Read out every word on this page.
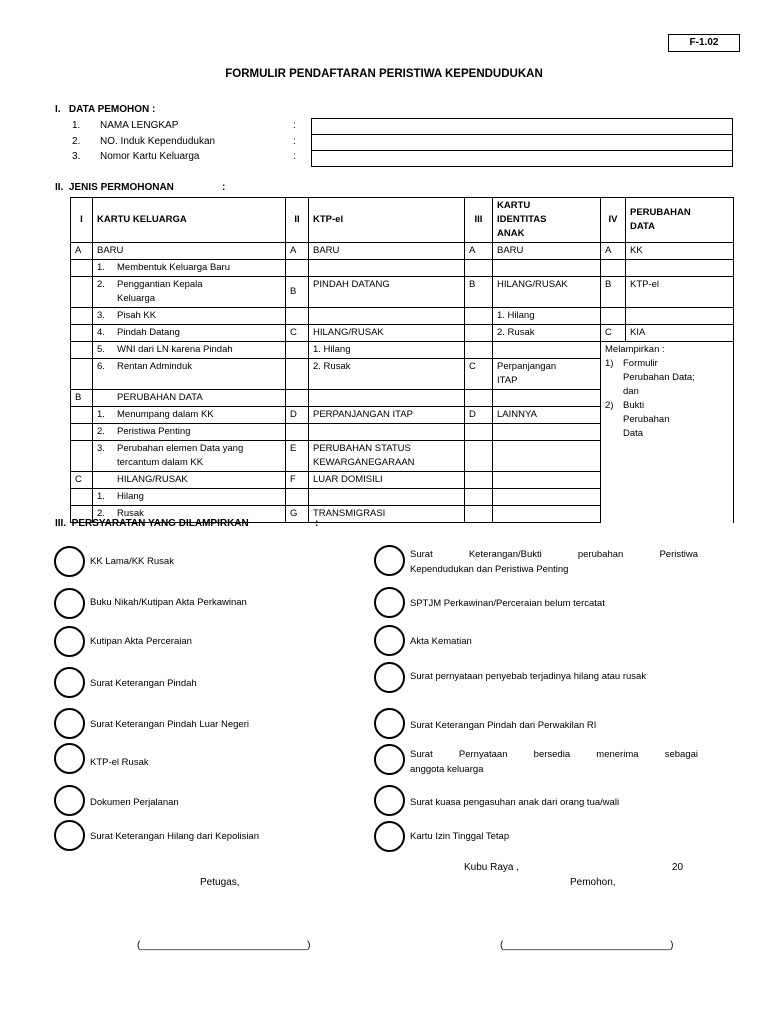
F-1.02
FORMULIR PENDAFTARAN PERISTIWA KEPENDUDUKAN
I.   DATA PEMOHON :
1. NAMA LENGKAP	:
2. NO. Induk Kependudukan	:
3. Nomor Kartu Keluarga	:
II.  JENIS PERMOHONAN	:
I	KARTU KELUARGA	II	KTP-el	III	KARTU IDENTITAS ANAK	IV	PERUBAHAN DATA	
A	BARU	A	BARU	A	BARU	A	KK	
	1. Membentuk Keluarga Baru							

	2. Penggantian Kepala Keluarga	B	PINDAH DATANG	B	HILANG/RUSAK	B	KTP-el	
	3. Pisah KK				1. Hilang			
	4. Pindah Datang	C	HILANG/RUSAK		2. Rusak	C	KIA	
	5. WNI dari LN karena Pindah		1. Hilang			Melampirkan :
1) Formulir Perubahan Data; dan
2) Bukti Perubahan Data		

	6. Rentan Adminduk		2. Rusak	C	Perpanjangan ITAP			
B	PERUBAHAN DATA							
	1. Menumpang dalam KK	D	PERPANJANGAN ITAP	D	LAINNYA			
	2. Peristiwa Penting							

	3. Perubahan elemen Data yang tercantum dalam KK	E	PERUBAHAN STATUS KEWARGANEGARAAN					
C	HILANG/RUSAK	F	LUAR DOMISILI					
	1. Hilang							
	2. Rusak	G	TRANSMIGRASI					
III.  PERSYARATAN YANG DILAMPIRKAN	:
KK Lama/KK Rusak
Buku Nikah/Kutipan Akta Perkawinan
Kutipan Akta Perceraian
Surat Keterangan Pindah
Surat Keterangan Pindah Luar Negeri
KTP-el Rusak
Dokumen Perjalanan
Surat Keterangan Hilang dari Kepolisian
Surat Keterangan/Bukti perubahan Peristiwa
Kependudukan dan Peristiwa Penting
SPTJM Perkawinan/Perceraian belum tercatat
Akta Kematian
Surat pernyataan penyebab terjadinya hilang atau rusak
Surat Keterangan Pindah dari Perwakilan RI
Surat Pernyataan bersedia menerima sebagai
anggota keluarga
Surat kuasa pengasuhan anak dari orang tua/wali
Kartu Izin Tinggal Tetap
Kubu Raya ,	20
Petugas,	Pemohon,
(______________________________)	(______________________________)
